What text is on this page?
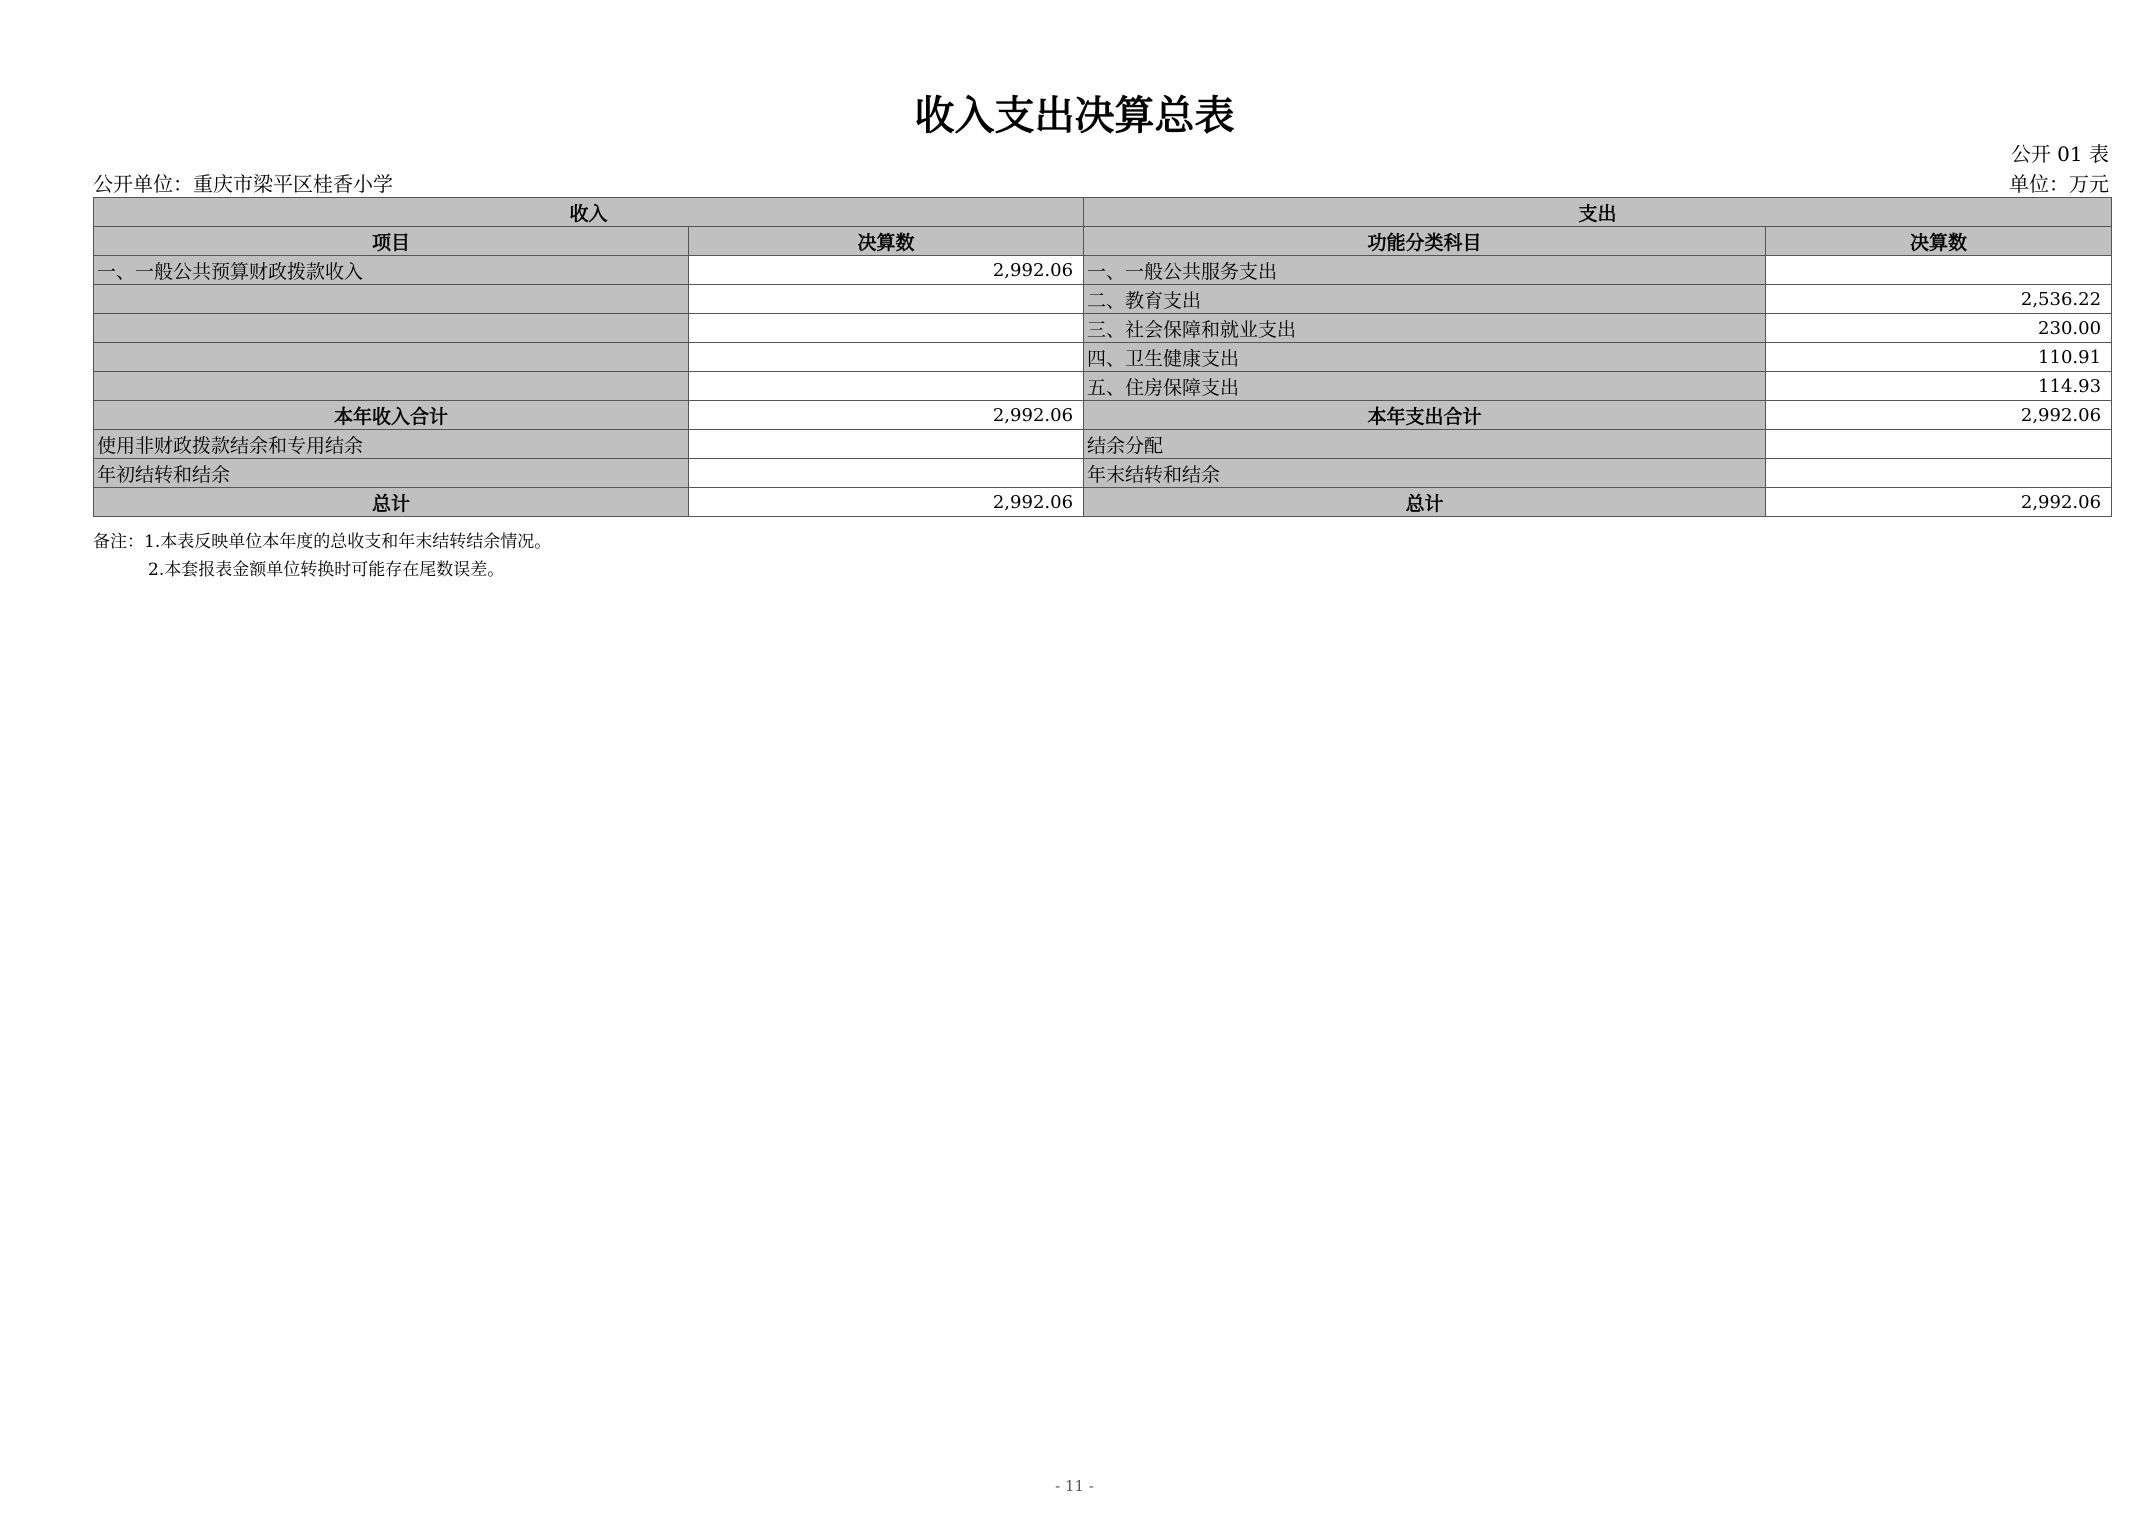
收入支出决算总表
公开 01 表
公开单位：重庆市梁平区桂香小学	单位：万元
收入		支出	
项目	决算数	功能分类科目	决算数
一、一般公共预算财政拨款收入	2,992.06	一、一般公共服务支出	
		二、教育支出	2,536.22
		三、社会保障和就业支出	230.00
		四、卫生健康支出	110.91
		五、住房保障支出	114.93
本年收入合计	2,992.06	本年支出合计	2,992.06
使用非财政拨款结余和专用结余		结余分配	
年初结转和结余		年末结转和结余	
总计	2,992.06	总计	2,992.06
备注：1.本表反映单位本年度的总收支和年末结转结余情况。
2.本套报表金额单位转换时可能存在尾数误差。
- 11 -
